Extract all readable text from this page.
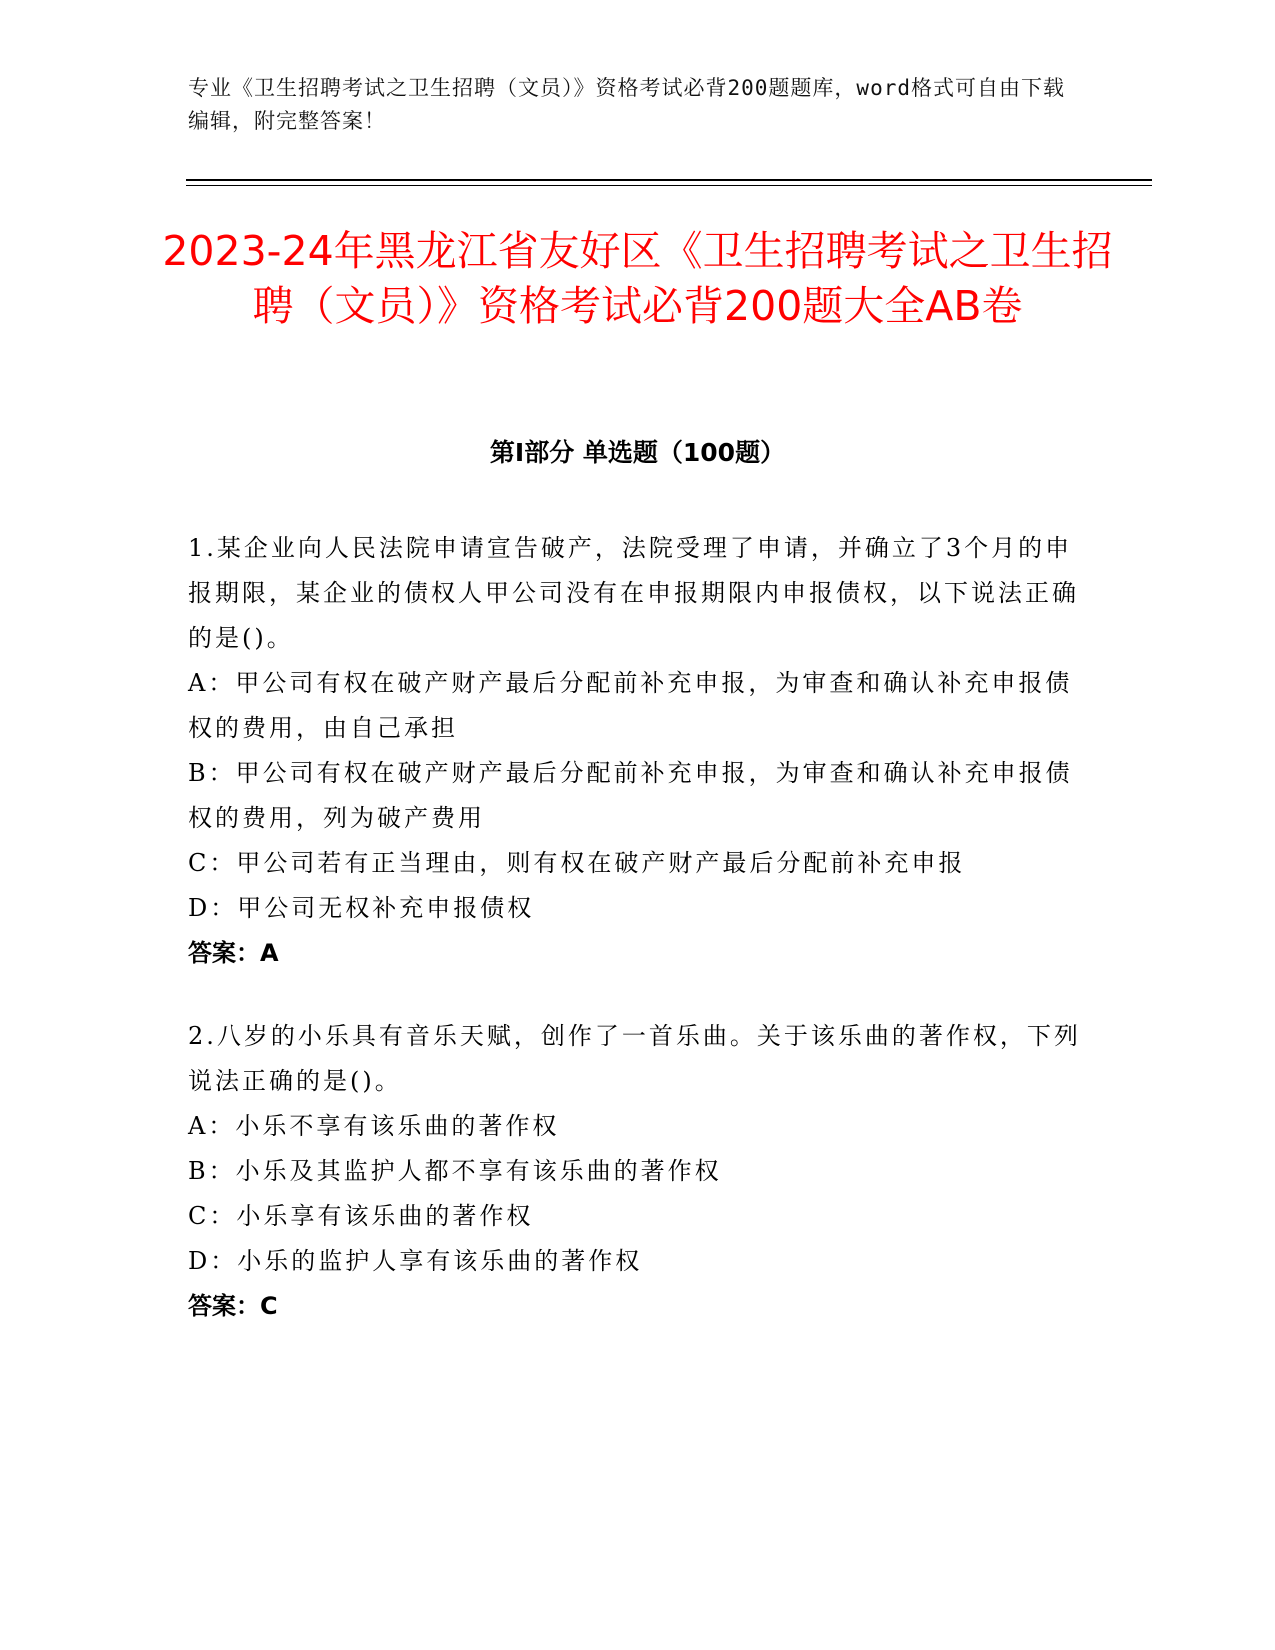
专业《卫生招聘考试之卫生招聘（文员）》资格考试必背200题题库，word格式可自由下载编辑，附完整答案！
2023-24年黑龙江省友好区《卫生招聘考试之卫生招聘（文员）》资格考试必背200题大全AB卷
第I部分 单选题（100题）

1.某企业向人民法院申请宣告破产，法院受理了申请，并确立了3个月的申报期限，某企业的债权人甲公司没有在申报期限内申报债权，以下说法正确的是()。

A：甲公司有权在破产财产最后分配前补充申报，为审查和确认补充申报债权的费用，由自己承担

B：甲公司有权在破产财产最后分配前补充申报，为审查和确认补充申报债权的费用，列为破产费用

C：甲公司若有正当理由，则有权在破产财产最后分配前补充申报

D：甲公司无权补充申报债权

答案：A

2.八岁的小乐具有音乐天赋，创作了一首乐曲。关于该乐曲的著作权，下列说法正确的是()。

A：小乐不享有该乐曲的著作权

B：小乐及其监护人都不享有该乐曲的著作权

C：小乐享有该乐曲的著作权

D：小乐的监护人享有该乐曲的著作权

答案：C
